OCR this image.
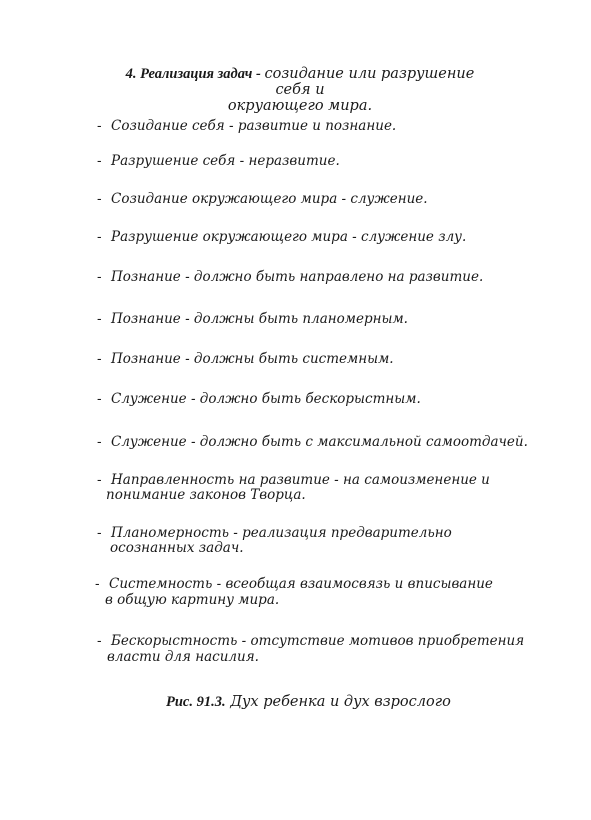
4. Реализация задач - созидание или разрушение себя и
окруающего мира.
- Созидание себя - развитие и познание.
- Разрушение себя - неразвитие.
- Созидание окружающего мира - служение.
- Разрушение окружающего мира - служение злу.
- Познание - должно быть направлено на развитие.
- Познание - должны быть планомерным.
- Познание - должны быть системным.
- Служение - должно быть бескорыстным.
- Служение - должно быть с максимальной самоотдачей.
- Направленность на развитие - на самоизменение и
понимание законов Творца.
- Планомерность - реализация предварительно
осознанных задач.
- Системность - всеобщая взаимосвязь и вписывание
в общую картину мира.
- Бескорыстность - отсутствие мотивов приобретения
власти для насилия.
Рис. 91.3. Дух ребенка и дух взрослого
